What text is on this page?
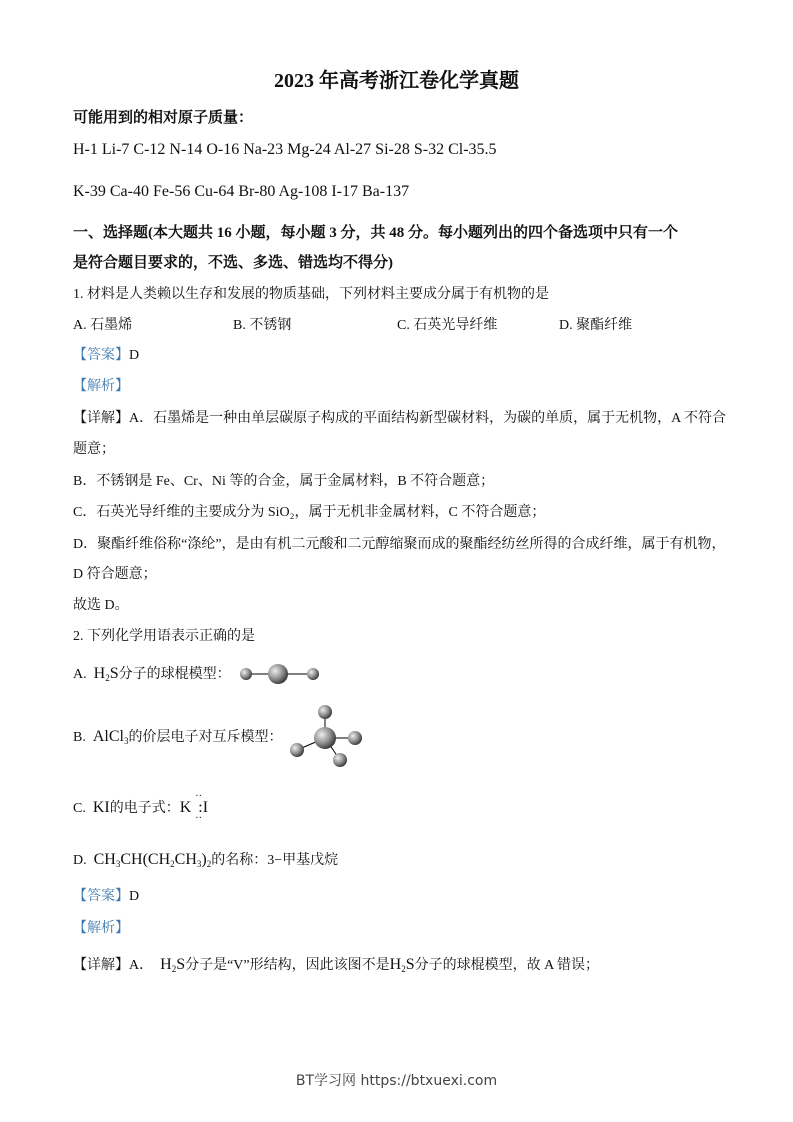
2023 年高考浙江卷化学真题
可能用到的相对原子质量：
H-1 Li-7 C-12 N-14 O-16 Na-23 Mg-24 Al-27 Si-28 S-32 Cl-35.5
K-39 Ca-40 Fe-56 Cu-64 Br-80 Ag-108 I-17 Ba-137
一、选择题(本大题共 16 小题，每小题 3 分，共 48 分。每小题列出的四个备选项中只有一个
是符合题目要求的，不选、多选、错选均不得分)
1. 材料是人类赖以生存和发展的物质基础，下列材料主要成分属于有机物的是
A. 石墨烯	B. 不锈钢	C. 石英光导纤维	D. 聚酯纤维
【答案】D
【解析】
【详解】A．石墨烯是一种由单层碳原子构成的平面结构新型碳材料，为碳的单质，属于无机物，A 不符合
题意；
B．不锈钢是 Fe、Cr、Ni 等的合金，属于金属材料，B 不符合题意；
C．石英光导纤维的主要成分为 SiO₂，属于无机非金属材料，C 不符合题意；
D．聚酯纤维俗称“涤纶”，是由有机二元酸和二元醇缩聚而成的聚酯经纺丝所得的合成纤维，属于有机物，
D 符合题意；
故选 D。
2. 下列化学用语表示正确的是
A. $H_2S$分子的球棍模型：
B. AlCl$_3$的价层电子对互斥模型：
C. KI的电子式：K
··
:I
··
D. $CH_3CH(CH_2CH_3)_2$的名称：3−甲基戊烷
【答案】D
【解析】
【详解】A． $H_2S$分子是“V”形结构，因此该图不是$H_2S$分子的球棍模型，故 A 错误；
BT学习网 https://btxuexi.com
